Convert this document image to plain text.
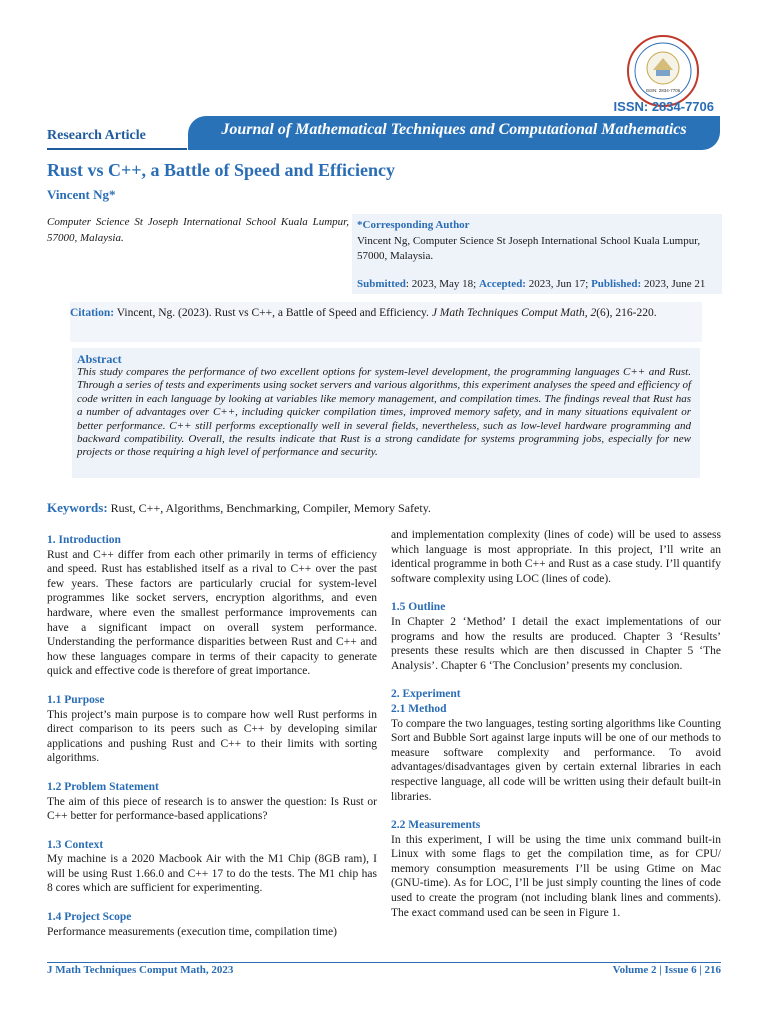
ISSN: 2834-7706
ISSN: 2834-7706
Research Article	Journal of Mathematical Techniques and Computational Mathematics
Rust vs C++, a Battle of Speed and Efficiency
Vincent Ng*
Computer Science St Joseph International School Kuala Lumpur, 57000, Malaysia.
*Corresponding Author
Vincent Ng, Computer Science St Joseph International School Kuala Lumpur, 57000, Malaysia.
Submitted: 2023, May 18; Accepted: 2023, Jun 17; Published: 2023, June 21
Citation: Vincent, Ng. (2023). Rust vs C++, a Battle of Speed and Efficiency. J Math Techniques Comput Math, 2(6), 216-220.
Abstract
This study compares the performance of two excellent options for system-level development, the programming languages C++ and Rust. Through a series of tests and experiments using socket servers and various algorithms, this experiment analyses the speed and efficiency of code written in each language by looking at variables like memory management, and compilation times. The findings reveal that Rust has a number of advantages over C++, including quicker compilation times, improved memory safety, and in many situations equivalent or better performance. C++ still performs exceptionally well in several fields, nevertheless, such as low-level hardware programming and backward compatibility. Overall, the results indicate that Rust is a strong candidate for systems programming jobs, especially for new projects or those requiring a high level of performance and security.
Keywords: Rust, C++, Algorithms, Benchmarking, Compiler, Memory Safety.
1. Introduction

Rust and C++ differ from each other primarily in terms of efficiency and speed. Rust has established itself as a rival to C++ over the past few years. These factors are particularly crucial for system-level programmes like socket servers, encryption algorithms, and even hardware, where even the smallest performance improvements can have a significant impact on overall system performance. Understanding the performance disparities between Rust and C++ and how these languages compare in terms of their capacity to generate quick and effective code is therefore of great importance.

1.1 Purpose

This project’s main purpose is to compare how well Rust performs in direct comparison to its peers such as C++ by developing similar applications and pushing Rust and C++ to their limits with sorting algorithms.

1.2 Problem Statement

The aim of this piece of research is to answer the question: Is Rust or C++ better for performance-based applications?

1.3 Context

My machine is a 2020 Macbook Air with the M1 Chip (8GB ram), I will be using Rust 1.66.0 and C++ 17 to do the tests. The M1 chip has 8 cores which are sufficient for experimenting.

1.4 Project Scope

Performance measurements (execution time, compilation time)

and implementation complexity (lines of code) will be used to assess which language is most appropriate. In this project, I’ll write an identical programme in both C++ and Rust as a case study. I’ll quantify software complexity using LOC (lines of code).

1.5 Outline

In Chapter 2 ‘Method’ I detail the exact implementations of our programs and how the results are produced. Chapter 3 ‘Results’ presents these results which are then discussed in Chapter 5 ‘The Analysis’. Chapter 6 ‘The Conclusion’ presents my conclusion.

2. Experiment
2.1 Method

To compare the two languages, testing sorting algorithms like Counting Sort and Bubble Sort against large inputs will be one of our methods to measure software complexity and performance. To avoid advantages/disadvantages given by certain external libraries in each respective language, all code will be written using their default built-in libraries.

2.2 Measurements

In this experiment, I will be using the time unix command built-in Linux with some flags to get the compilation time, as for CPU/ memory consumption measurements I’ll be using Gtime on Mac (GNU-time). As for LOC, I’ll be just simply counting the lines of code used to create the program (not including blank lines and comments). The exact command used can be seen in Figure 1.

J Math Techniques Comput Math, 2023	Volume 2 | Issue 6 | 216
